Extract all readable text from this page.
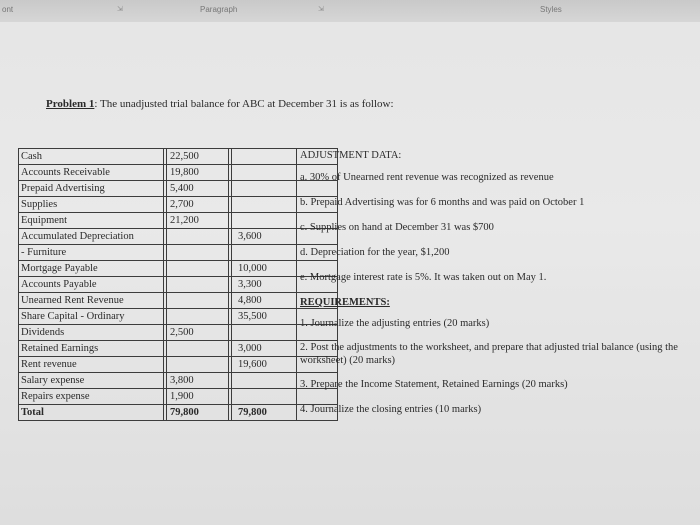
ont	⇲	Paragraph	⇲	Styles
Problem 1: The unadjusted trial balance for ABC at December 31 is as follow:
Cash		22,500			
Accounts Receivable		19,800			
Prepaid Advertising		5,400			
Supplies		2,700			
Equipment		21,200			
Accumulated Depreciation				3,600	
- Furniture					
Mortgage Payable				10,000	
Accounts Payable				3,300	
Unearned Rent Revenue				4,800	
Share Capital - Ordinary				35,500	
Dividends		2,500			
Retained Earnings				3,000	
Rent revenue				19,600	
Salary expense		3,800			
Repairs expense		1,900			
Total		79,800		79,800	
ADJUSTMENT DATA:
a. 30% of Unearned rent revenue was recognized as revenue
b. Prepaid Advertising was for 6 months and was paid on October 1
c. Supplies on hand at December 31 was $700
d. Depreciation for the year, $1,200
e. Mortgage interest rate is 5%. It was taken out on May 1.
REQUIREMENTS:
1. Journalize the adjusting entries (20 marks)
2. Post the adjustments to the worksheet, and prepare that adjusted trial balance (using the worksheet) (20 marks)
3. Prepare the Income Statement, Retained Earnings (20 marks)
4. Journalize the closing entries (10 marks)
